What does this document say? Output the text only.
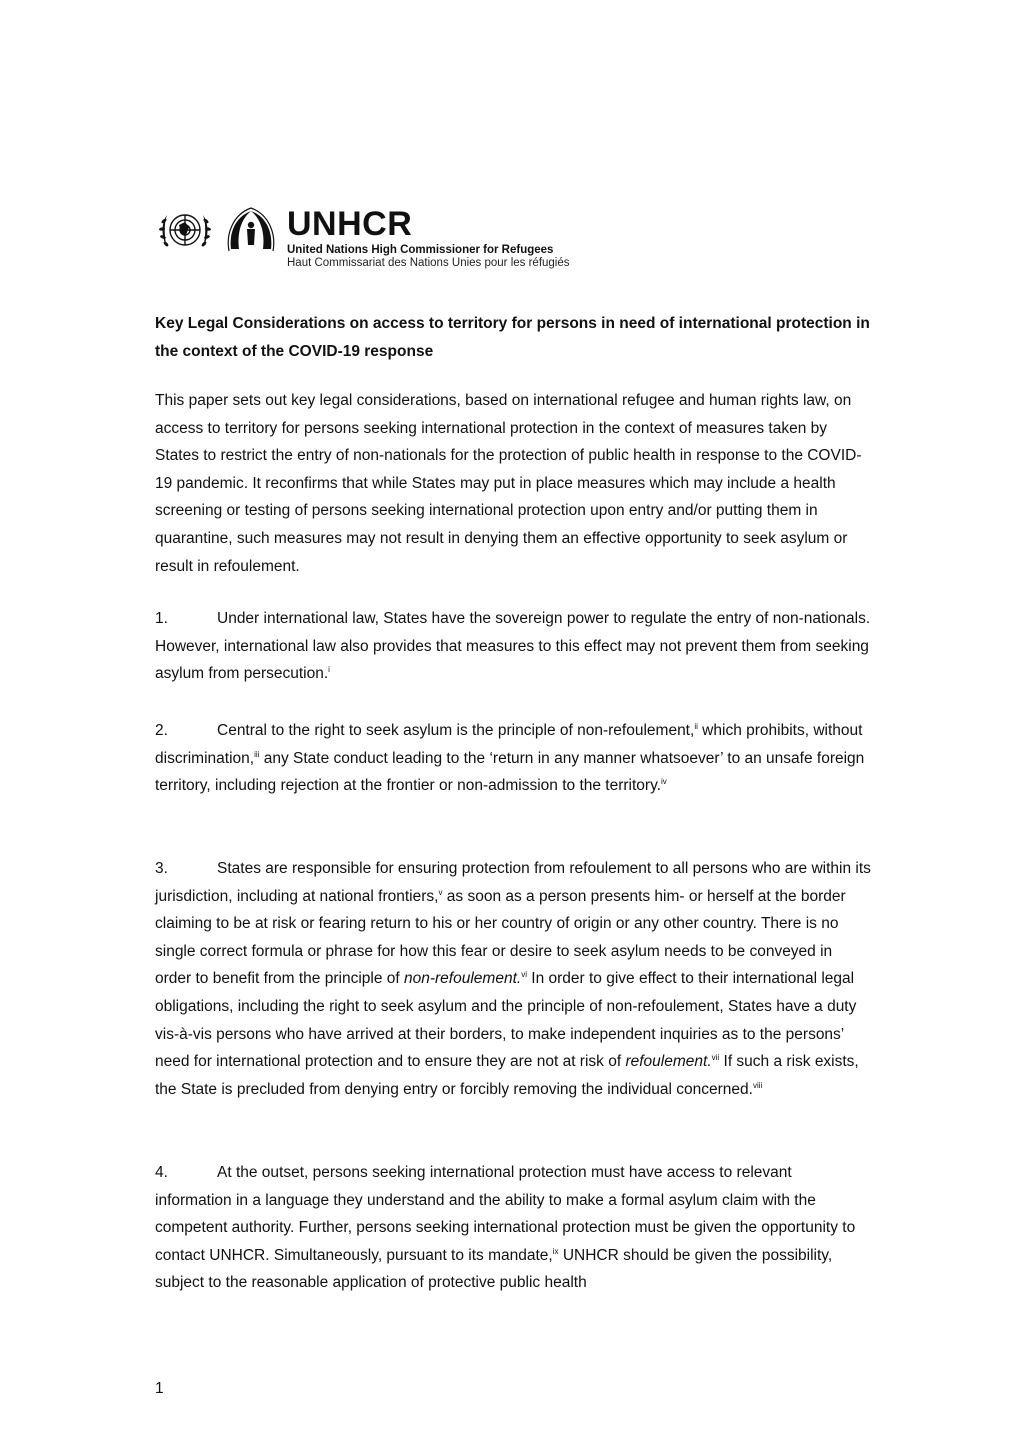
UNHCR
United Nations High Commissioner for Refugees
Haut Commissariat des Nations Unies pour les réfugiés
Key Legal Considerations on access to territory for persons in need of international protection in the context of the COVID-19 response
This paper sets out key legal considerations, based on international refugee and human rights law, on access to territory for persons seeking international protection in the context of measures taken by States to restrict the entry of non-nationals for the protection of public health in response to the COVID-19 pandemic. It reconfirms that while States may put in place measures which may include a health screening or testing of persons seeking international protection upon entry and/or putting them in quarantine, such measures may not result in denying them an effective opportunity to seek asylum or result in refoulement.
1.	Under international law, States have the sovereign power to regulate the entry of non-nationals. However, international law also provides that measures to this effect may not prevent them from seeking asylum from persecution.$^i$
2.	Central to the right to seek asylum is the principle of non-refoulement,$^{ii}$ which prohibits, without discrimination,$^{iii}$ any State conduct leading to the ‘return in any manner whatsoever’ to an unsafe foreign territory, including rejection at the frontier or non-admission to the territory.$^{iv}$
3.	States are responsible for ensuring protection from refoulement to all persons who are within its jurisdiction, including at national frontiers,$^v$ as soon as a person presents him- or herself at the border claiming to be at risk or fearing return to his or her country of origin or any other country. There is no single correct formula or phrase for how this fear or desire to seek asylum needs to be conveyed in order to benefit from the principle of non-refoulement.$^{vi}$ In order to give effect to their international legal obligations, including the right to seek asylum and the principle of non-refoulement, States have a duty vis-à-vis persons who have arrived at their borders, to make independent inquiries as to the persons’ need for international protection and to ensure they are not at risk of refoulement.$^{vii}$ If such a risk exists, the State is precluded from denying entry or forcibly removing the individual concerned.$^{viii}$
4.	At the outset, persons seeking international protection must have access to relevant information in a language they understand and the ability to make a formal asylum claim with the competent authority. Further, persons seeking international protection must be given the opportunity to contact UNHCR. Simultaneously, pursuant to its mandate,$^{ix}$ UNHCR should be given the possibility, subject to the reasonable application of protective public health
1
